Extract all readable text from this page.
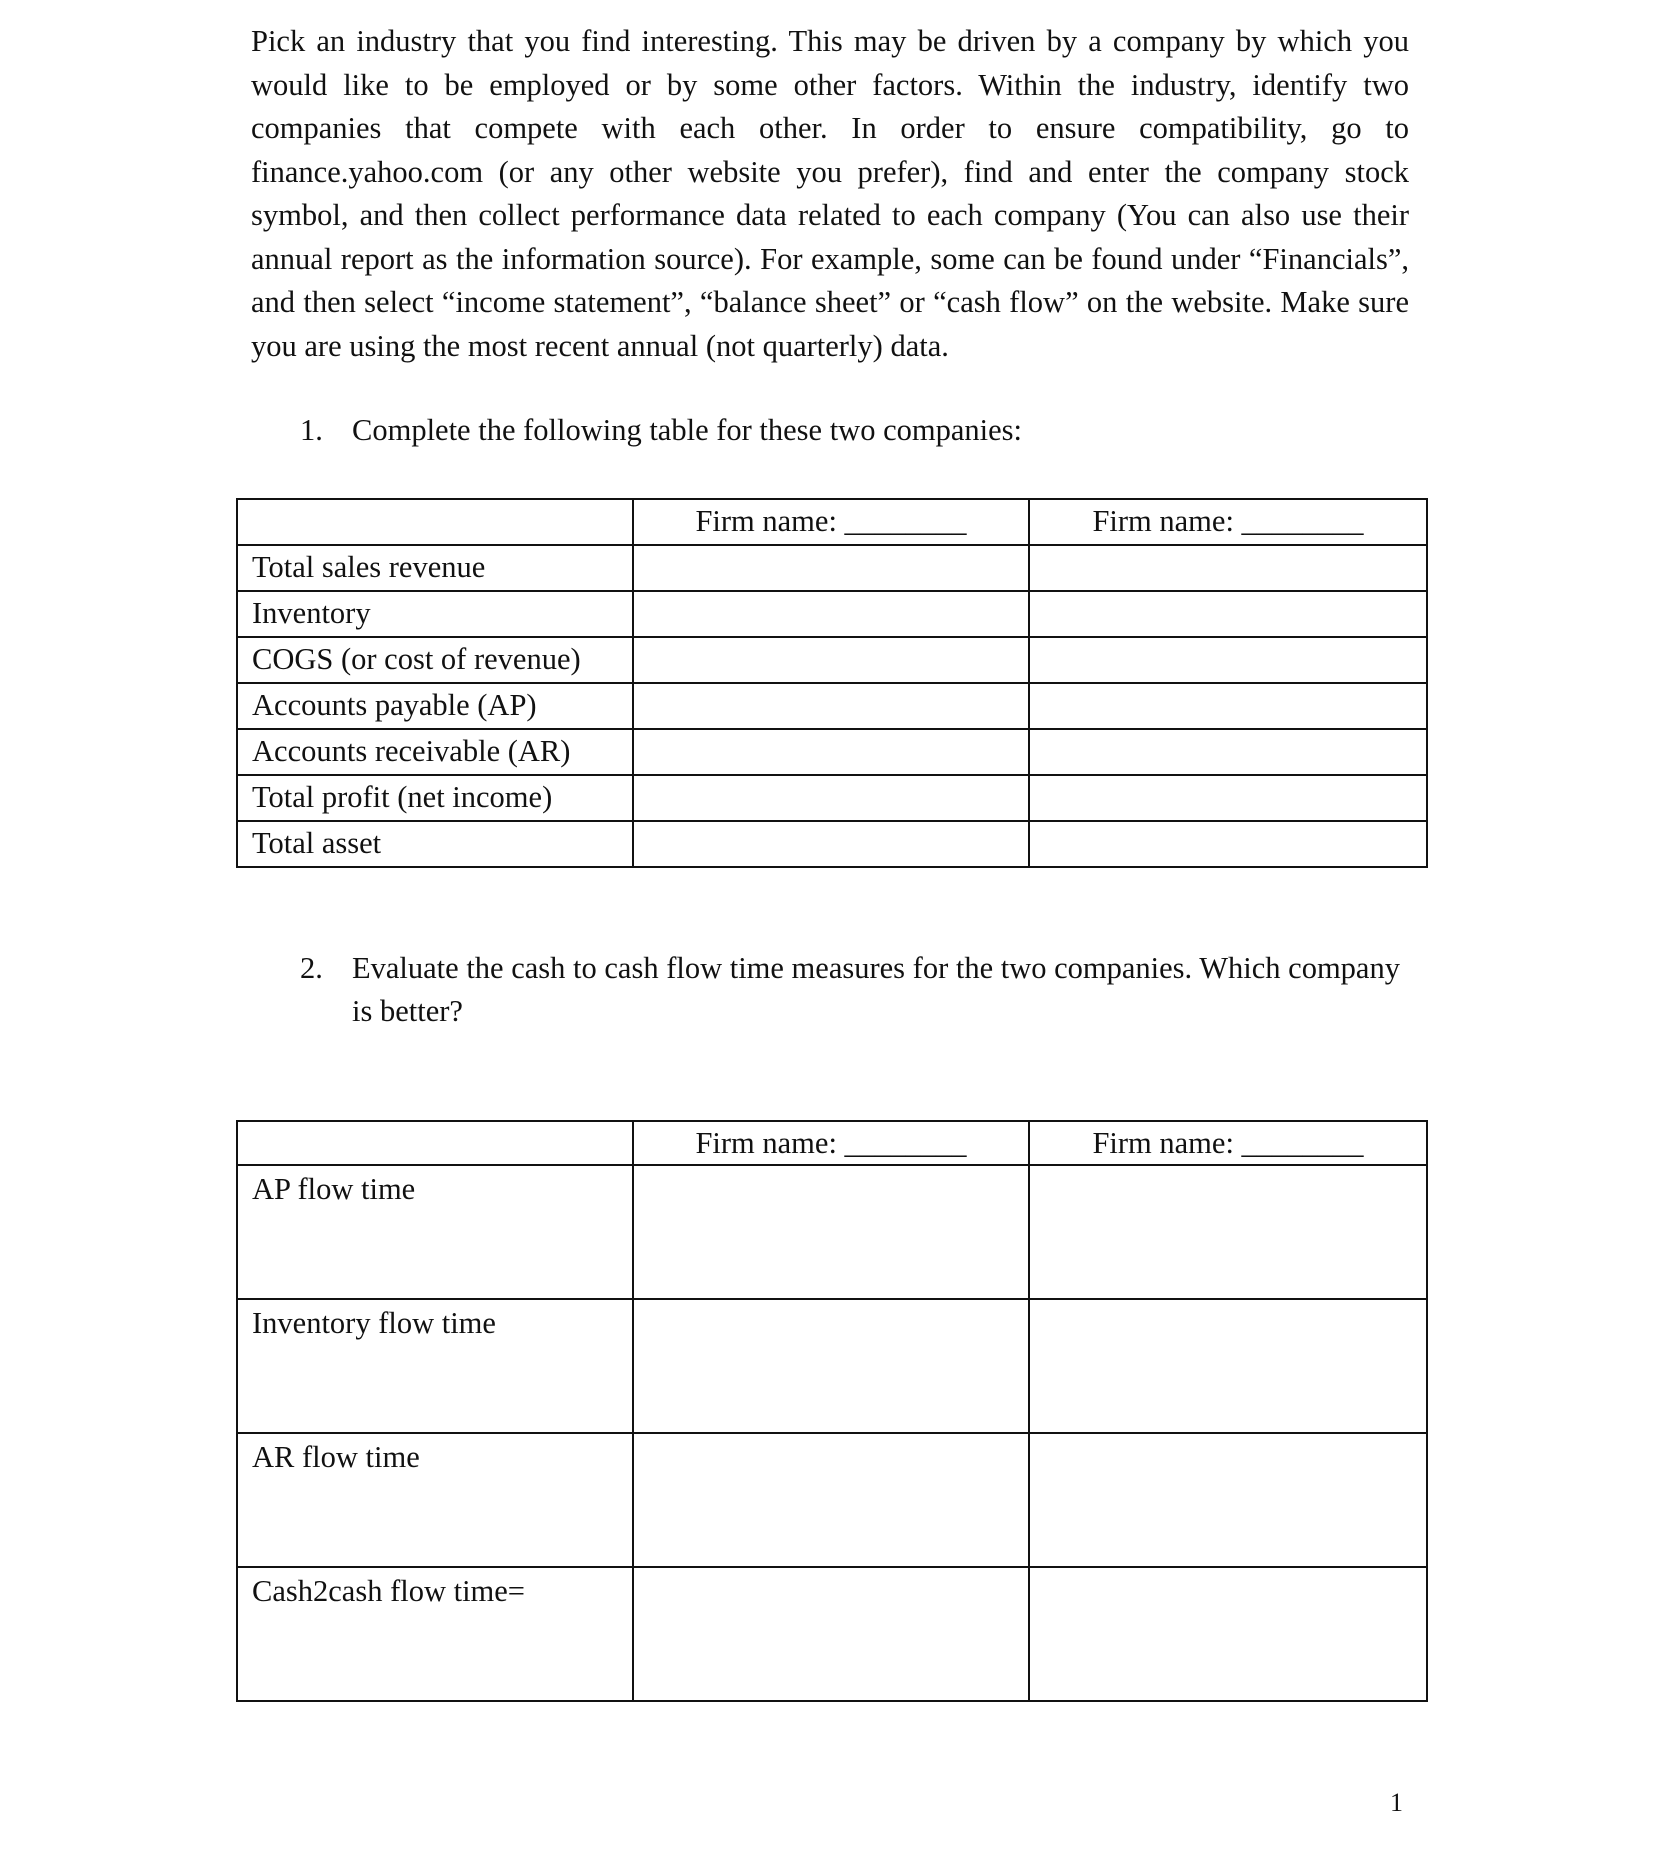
Pick an industry that you find interesting. This may be driven by a company by which you would like to be employed or by some other factors. Within the industry, identify two companies that compete with each other. In order to ensure compatibility, go to finance.yahoo.com (or any other website you prefer), find and enter the company stock symbol, and then collect performance data related to each company (You can also use their annual report as the information source). For example, some can be found under “Financials”, and then select “income statement”, “balance sheet” or “cash flow” on the website. Make sure you are using the most recent annual (not quarterly) data.

1. Complete the following table for these two companies:
	Firm name: ________	Firm name: ________
Total sales revenue		
Inventory		
COGS (or cost of revenue)		
Accounts payable (AP)		
Accounts receivable (AR)		
Total profit (net income)		
Total asset		
2. Evaluate the cash to cash flow time measures for the two companies. Which company
is better?
	Firm name: ________	Firm name: ________
AP flow time		
Inventory flow time		
AR flow time		
Cash2cash flow time=		
1
